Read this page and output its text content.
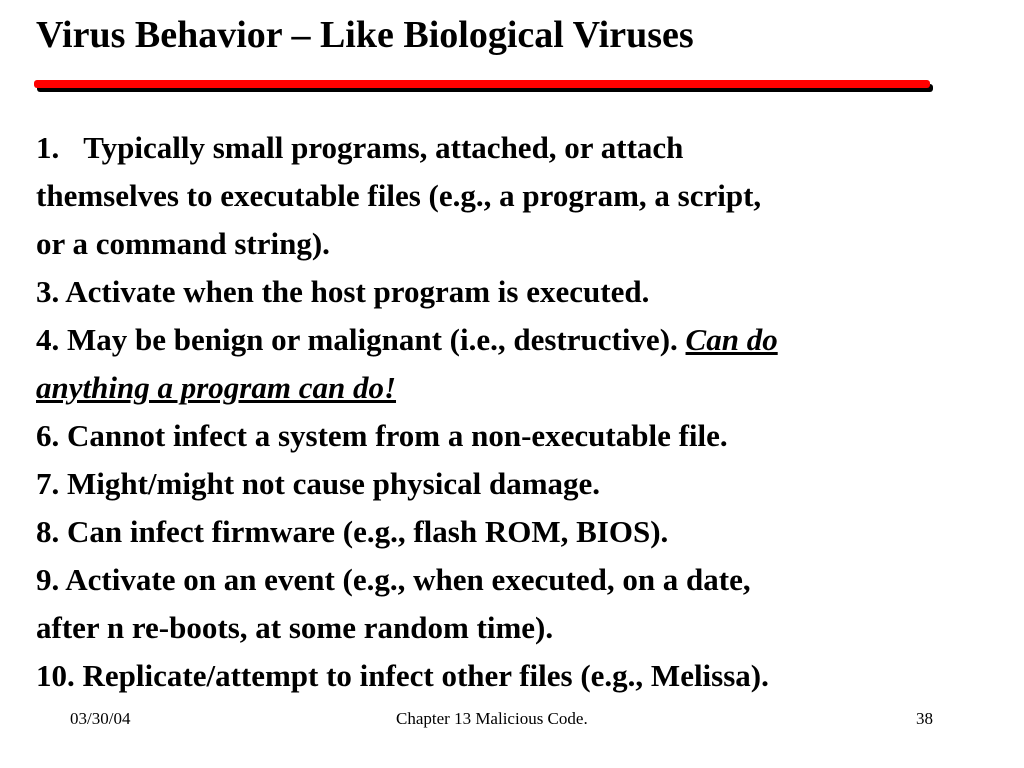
Virus Behavior – Like Biological Viruses
1. Typically small programs, attached, or attach
themselves to executable files (e.g., a program, a script,
or a command string).
3. Activate when the host program is executed.
4. May be benign or malignant (i.e., destructive). Can do
anything a program can do!
6. Cannot infect a system from a non-executable file.
7. Might/might not cause physical damage.
8. Can infect firmware (e.g., flash ROM, BIOS).
9. Activate on an event (e.g., when executed, on a date,
after n re-boots, at some random time).
10. Replicate/attempt to infect other files (e.g., Melissa).
03/30/04	Chapter 13 Malicious Code.	38
